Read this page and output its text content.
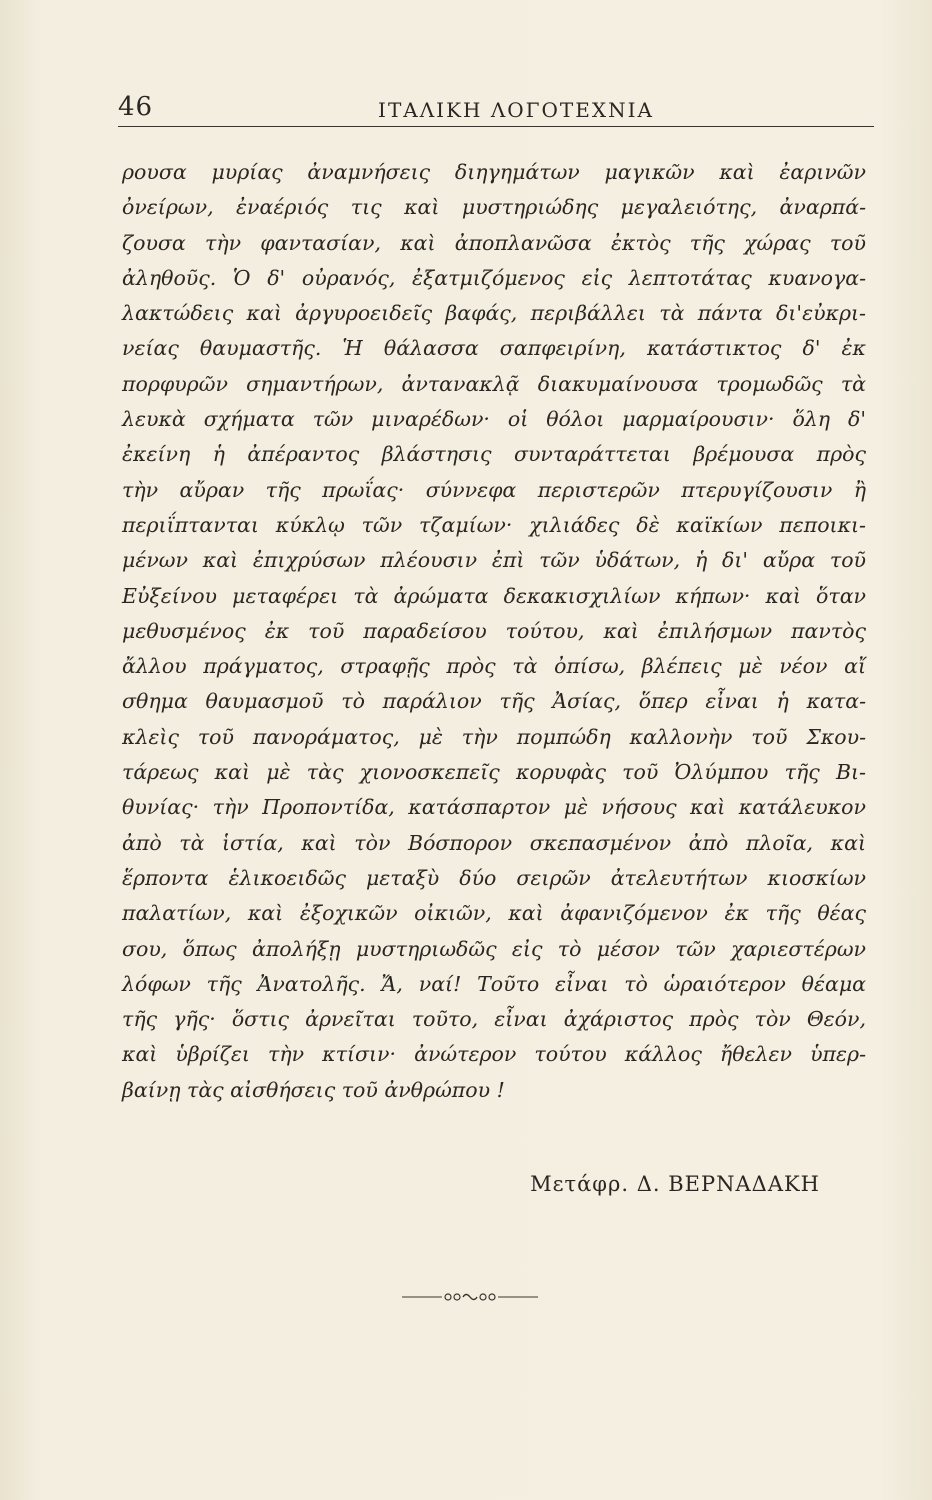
46	ΙΤΑΛΙΚΗ ΛΟΓΟΤΕΧΝΙΑ
ρουσα μυρίας ἀναμνήσεις διηγημάτων μαγικῶν καὶ ἐαρινῶν
ὀνείρων, ἐναέριός τις καὶ μυστηριώδης μεγαλειότης, ἀναρπά-
ζουσα τὴν φαντασίαν, καὶ ἀποπλανῶσα ἐκτὸς τῆς χώρας τοῦ
ἀληθοῦς. Ὁ δ' οὐρανός, ἐξατμιζόμενος εἰς λεπτοτάτας κυανογα-
λακτώδεις καὶ ἀργυροειδεῖς βαφάς, περιβάλλει τὰ πάντα δι'εὐκρι-
νείας θαυμαστῆς. Ἡ θάλασσα σαπφειρίνη, κατάστικτος δ' ἐκ
πορφυρῶν σημαντήρων, ἀντανακλᾷ διακυμαίνουσα τρομωδῶς τὰ
λευκὰ σχήματα τῶν μιναρέδων· οἱ θόλοι μαρμαίρουσιν· ὅλη δ'
ἐκείνη ἡ ἀπέραντος βλάστησις συνταράττεται βρέμουσα πρὸς
τὴν αὔραν τῆς πρωΐας· σύννεφα περιστερῶν πτερυγίζουσιν ἢ
περιΐπτανται κύκλῳ τῶν τζαμίων· χιλιάδες δὲ καϊκίων πεποικι-
μένων καὶ ἐπιχρύσων πλέουσιν ἐπὶ τῶν ὑδάτων, ἡ δι' αὔρα τοῦ
Εὐξείνου μεταφέρει τὰ ἀρώματα δεκακισχιλίων κήπων· καὶ ὅταν
μεθυσμένος ἐκ τοῦ παραδείσου τούτου, καὶ ἐπιλήσμων παντὸς
ἄλλου πράγματος, στραφῇς πρὸς τὰ ὀπίσω, βλέπεις μὲ νέον αἴ
σθημα θαυμασμοῦ τὸ παράλιον τῆς Ἀσίας, ὅπερ εἶναι ἡ κατα-
κλεὶς τοῦ πανοράματος, μὲ τὴν πομπώδη καλλονὴν τοῦ Σκου-
τάρεως καὶ μὲ τὰς χιονοσκεπεῖς κορυφὰς τοῦ Ὀλύμπου τῆς Βι-
θυνίας· τὴν Προποντίδα, κατάσπαρτον μὲ νήσους καὶ κατάλευκον
ἀπὸ τὰ ἱστία, καὶ τὸν Βόσπορον σκεπασμένον ἀπὸ πλοῖα, καὶ
ἕρποντα ἑλικοειδῶς μεταξὺ δύο σειρῶν ἀτελευτήτων κιοσκίων
παλατίων, καὶ ἐξοχικῶν οἰκιῶν, καὶ ἀφανιζόμενον ἐκ τῆς θέας
σου, ὅπως ἀπολήξῃ μυστηριωδῶς εἰς τὸ μέσον τῶν χαριεστέρων
λόφων τῆς Ἀνατολῆς. Ἄ, ναί! Τοῦτο εἶναι τὸ ὡραιότερον θέαμα
τῆς γῆς· ὅστις ἀρνεῖται τοῦτο, εἶναι ἀχάριστος πρὸς τὸν Θεόν,
καὶ ὑβρίζει τὴν κτίσιν· ἀνώτερον τούτου κάλλος ἤθελεν ὑπερ-
βαίνῃ τὰς αἰσθήσεις τοῦ ἀνθρώπου !
Μετάφρ. Δ. ΒΕΡΝΑΔΑΚΗ
